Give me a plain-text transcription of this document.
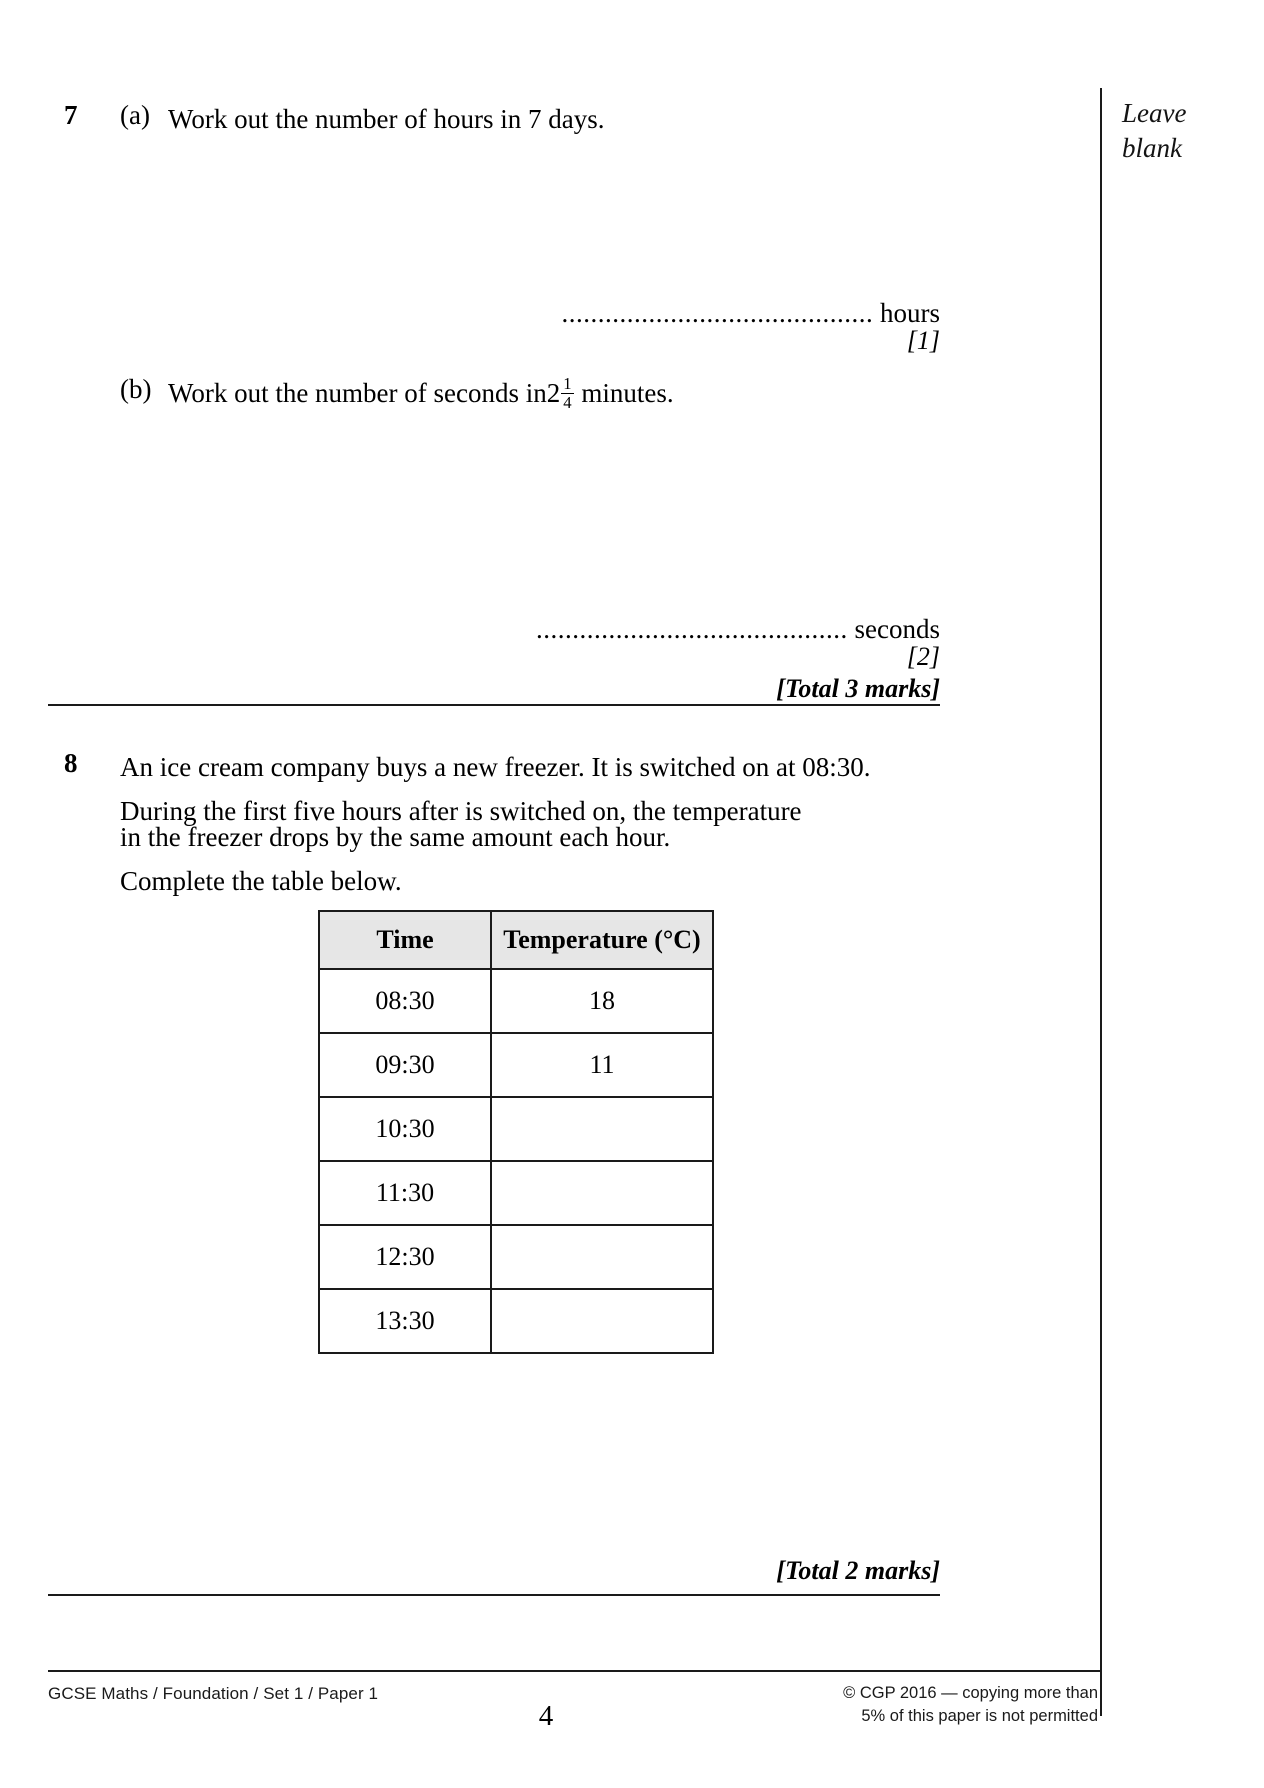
Leave
blank
7 (a) Work out the number of hours in 7 days.
........................................... hours
[1]
(b) Work out the number of seconds $in2 \frac{1}{4}$ minutes.
........................................... seconds
[2]
[Total 3 marks]
8 An ice cream company buys a new freezer. It is switched on at 08:30.
During the first five hours after is switched on, the temperature
in the freezer drops by the same amount each hour.
Complete the table below.
Time	Temperature (°C)
08:30	18
09:30	11
10:30	
11:30	
12:30	
13:30	
[Total 2 marks]
GCSE Maths / Foundation / Set 1 / Paper 1
4
© CGP 2016 — copying more than
5% of this paper is not permitted
